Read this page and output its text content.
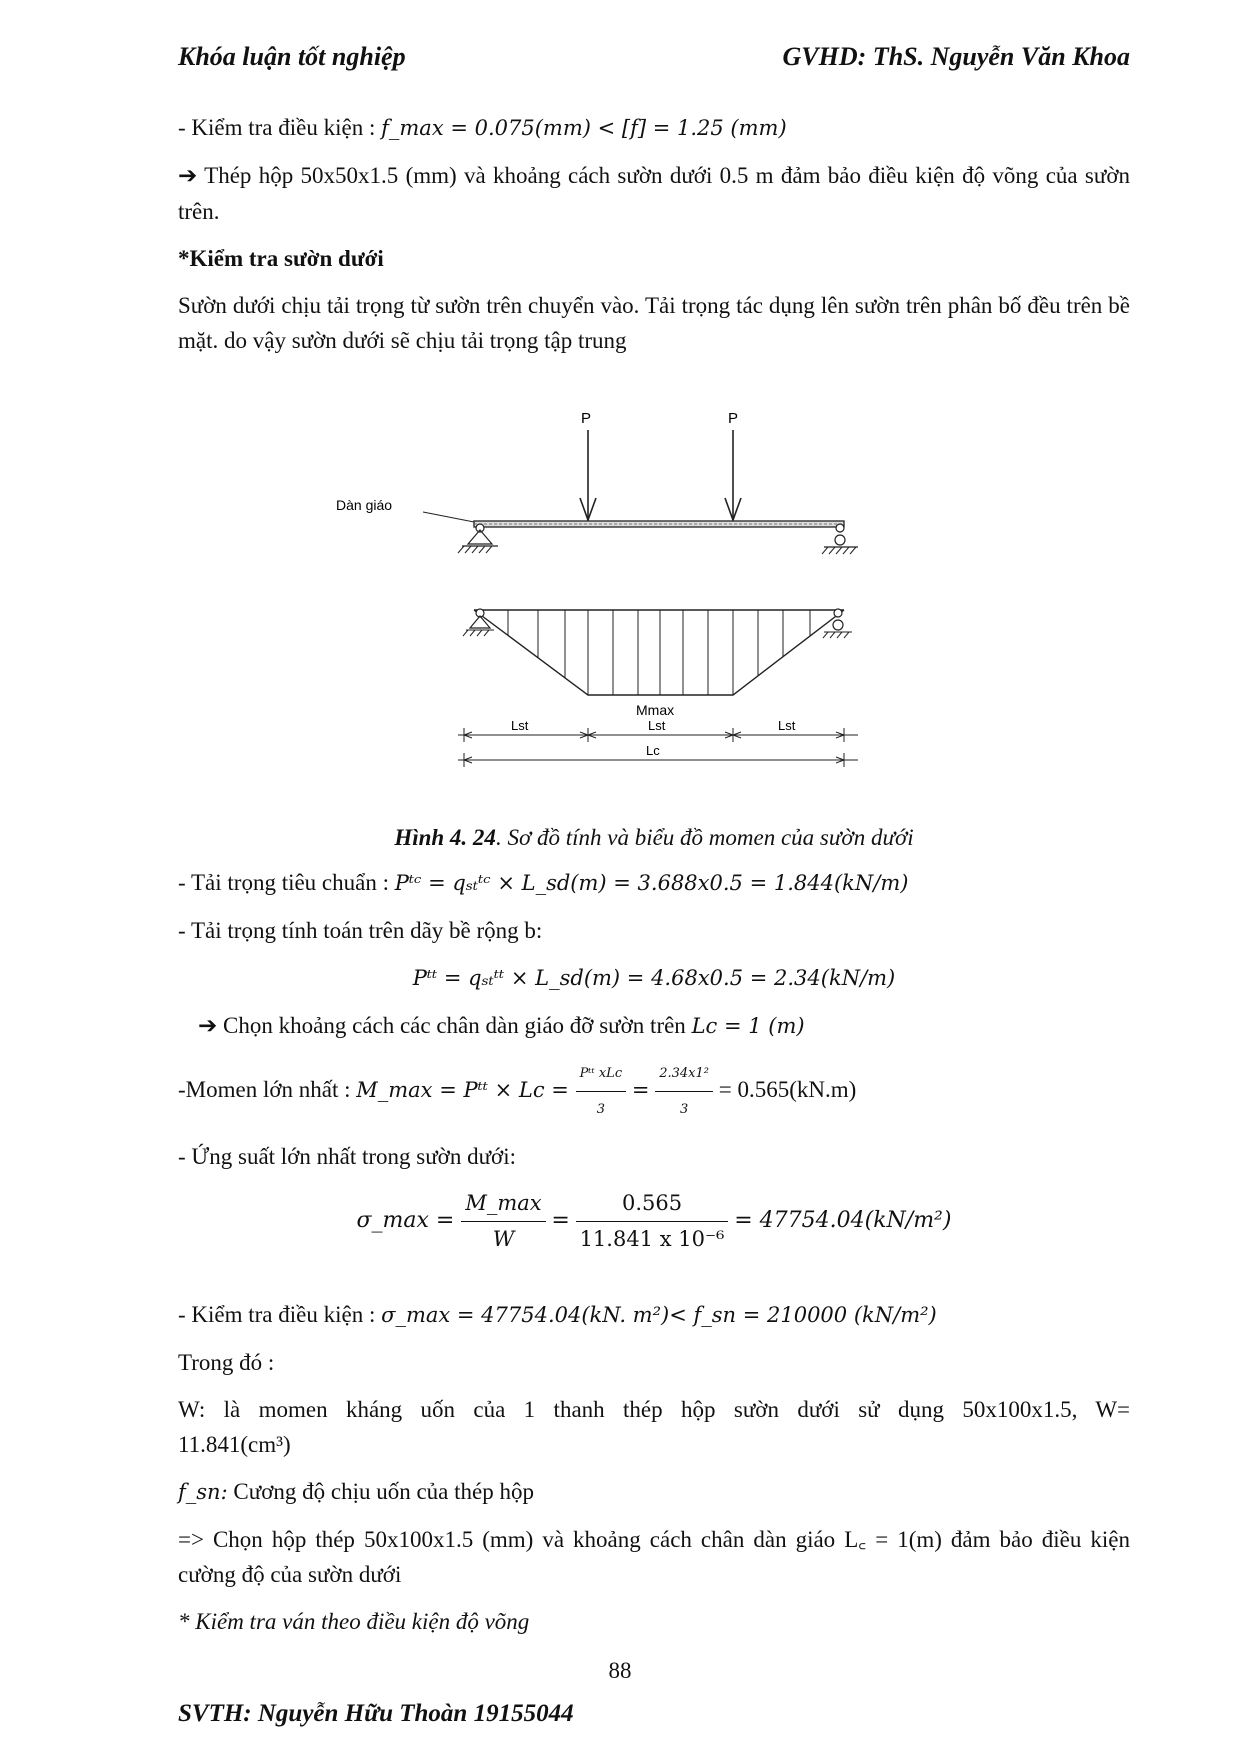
Khóa luận tốt nghiệp	GVHD: ThS. Nguyễn Văn Khoa

- Kiểm tra điều kiện : f_max = 0.075(mm) < [f] = 1.25 (mm)

➔ Thép hộp 50x50x1.5 (mm) và khoảng cách sườn dưới 0.5 m đảm bảo điều kiện độ võng của sườn trên.

*Kiểm tra sườn dưới

Sườn dưới chịu tải trọng từ sườn trên chuyển vào. Tải trọng tác dụng lên sườn trên phân bố đều trên bề mặt. do vậy sườn dưới sẽ chịu tải trọng tập trung

P	P
Dàn giáo
Mmax
Lst	Lst	Lst
Lc

Hình 4. 24. Sơ đồ tính và biểu đồ momen của sườn dưới

- Tải trọng tiêu chuẩn : Pᵗᶜ = qₛₜᵗᶜ × L_sd(m) = 3.688x0.5 = 1.844(kN/m)

- Tải trọng tính toán trên dãy bề rộng b:

Pᵗᵗ = qₛₜᵗᵗ × L_sd(m) = 4.68x0.5 = 2.34(kN/m)

➔ Chọn khoảng cách các chân dàn giáo đỡ sườn trên Lc = 1 (m)

-Momen lớn nhất : M_max = Pᵗᵗ × $Lc = \frac{\text{Pᵗᵗ xLc}}{3} = \frac{\text{2.34x1²}}{3} = 0.565(kN.m)$

- Ứng suất lớn nhất trong sườn dưới:

σ_max = $\frac{M\_\max}{W} = \frac{0.565}{\text{11.841 x 10⁻⁶}} = 47754.04(kN/m^2)$

- Kiểm tra điều kiện : σ_max = 47754.04(kN. m²)< f_sn = 210000 (kN/m²)

Trong đó :

W: là momen kháng uốn của 1 thanh thép hộp sườn dưới sử dụng 50x100x1.5, W= 11.841(cm³)

f_sn: Cương độ chịu uốn của thép hộp

=> Chọn hộp thép 50x100x1.5 (mm) và khoảng cách chân dàn giáo L꜀ = 1(m) đảm bảo điều kiện cường độ của sườn dưới

* Kiểm tra ván theo điều kiện độ võng

88
SVTH: Nguyễn Hữu Thoàn 19155044
